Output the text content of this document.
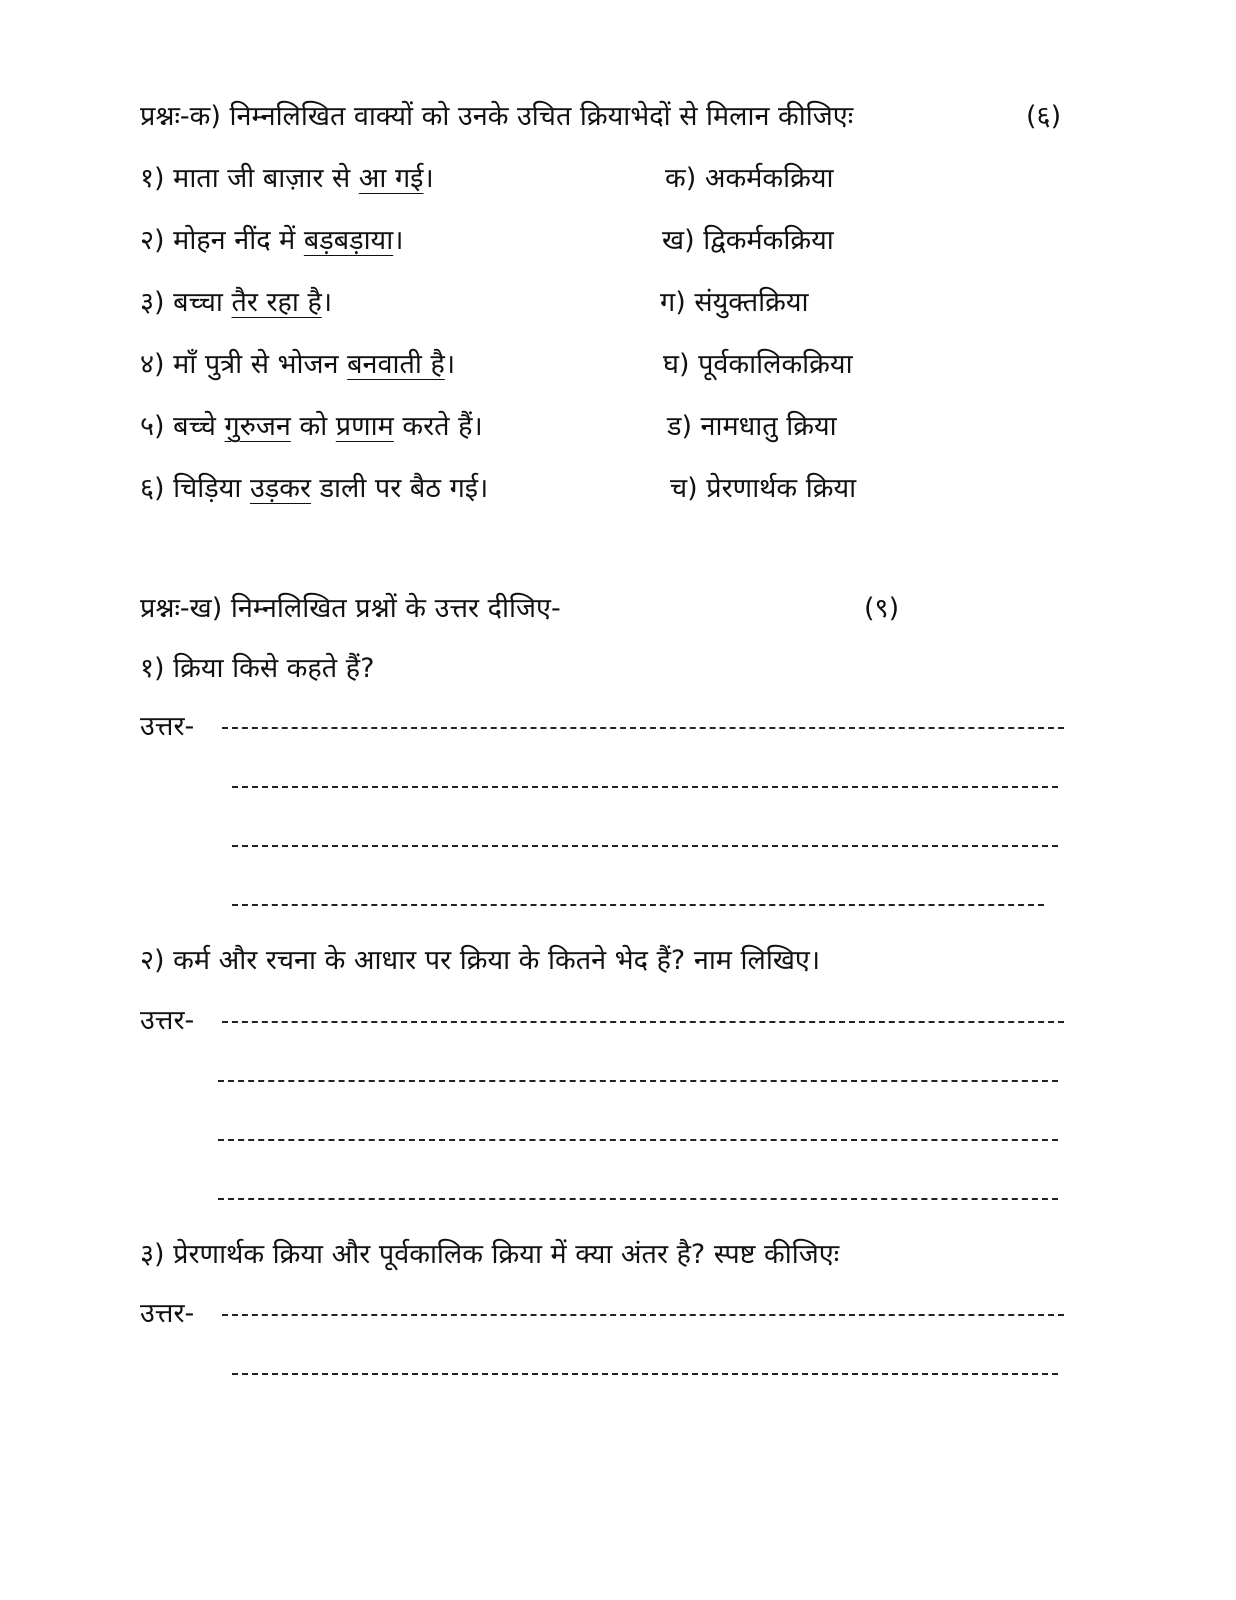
प्रश्नः-क) निम्नलिखित वाक्यों को उनके उचित क्रियाभेदों से मिलान कीजिएः	(६)
१) माता जी बाज़ार से आ गई।
२) मोहन नींद में बड़बड़ाया।
३) बच्चा तैर रहा है।
४) माँ पुत्री से भोजन बनवाती है।
५) बच्चे गुरुजन को प्रणाम करते हैं।
६) चिड़िया उड़कर डाली पर बैठ गई।
क) अकर्मकक्रिया
ख) द्विकर्मकक्रिया
ग) संयुक्तक्रिया
घ) पूर्वकालिकक्रिया
ड) नामधातु क्रिया
च) प्रेरणार्थक क्रिया
प्रश्नः-ख) निम्नलिखित प्रश्नों के उत्तर दीजिए-	(९)
१) क्रिया किसे कहते हैं?
उत्तर-
२) कर्म और रचना के आधार पर क्रिया के कितने भेद हैं? नाम लिखिए।
उत्तर-
३) प्रेरणार्थक क्रिया और पूर्वकालिक क्रिया में क्या अंतर है? स्पष्ट कीजिएः
उत्तर-
